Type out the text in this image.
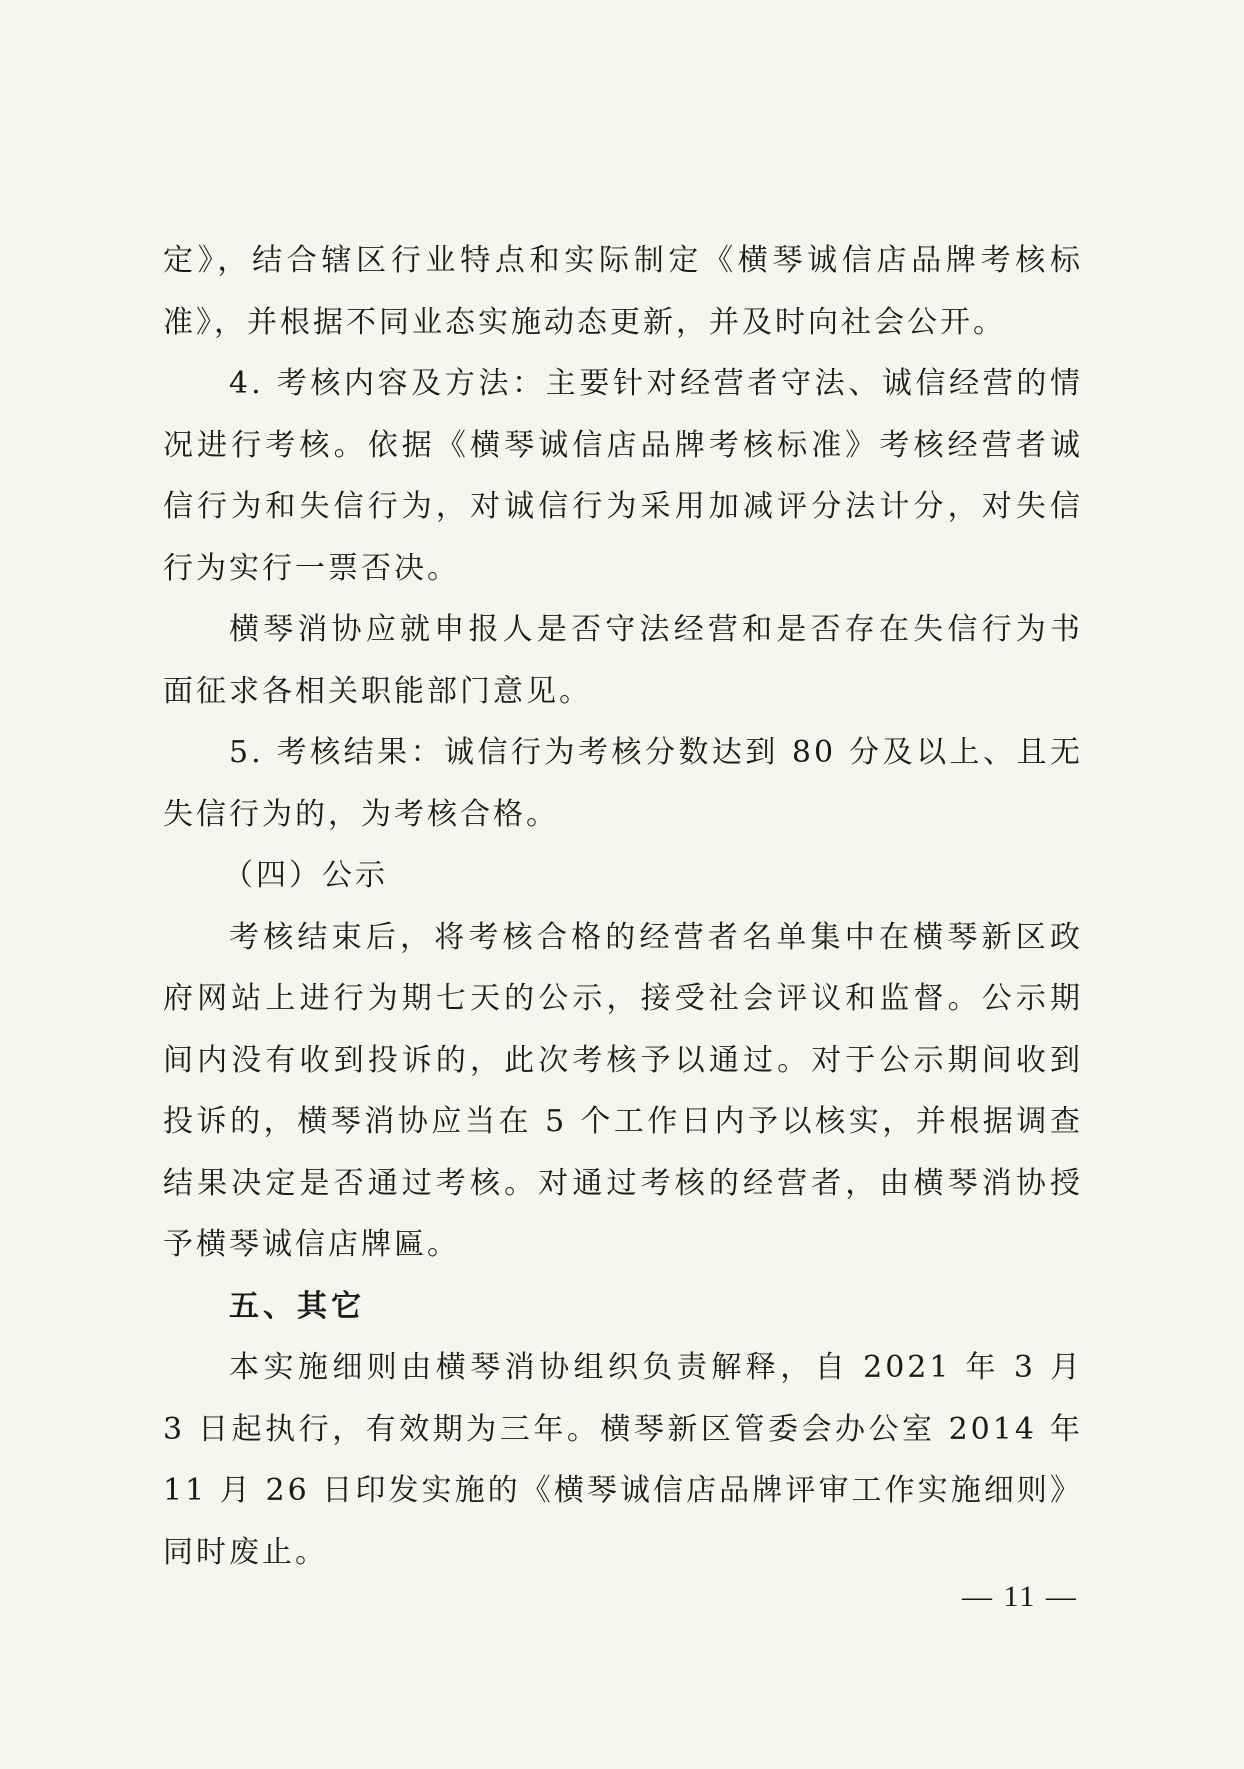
定》，结合辖区行业特点和实际制定《横琴诚信店品牌考核标准》，并根据不同业态实施动态更新，并及时向社会公开。

4. 考核内容及方法：主要针对经营者守法、诚信经营的情况进行考核。依据《横琴诚信店品牌考核标准》考核经营者诚信行为和失信行为，对诚信行为采用加减评分法计分，对失信行为实行一票否决。

横琴消协应就申报人是否守法经营和是否存在失信行为书面征求各相关职能部门意见。

5. 考核结果：诚信行为考核分数达到 80 分及以上、且无失信行为的，为考核合格。

（四）公示

考核结束后，将考核合格的经营者名单集中在横琴新区政府网站上进行为期七天的公示，接受社会评议和监督。公示期间内没有收到投诉的，此次考核予以通过。对于公示期间收到投诉的，横琴消协应当在 5 个工作日内予以核实，并根据调查结果决定是否通过考核。对通过考核的经营者，由横琴消协授予横琴诚信店牌匾。

五、其它

本实施细则由横琴消协组织负责解释，自 2021 年 3 月 3 日起执行，有效期为三年。横琴新区管委会办公室 2014 年 11 月 26 日印发实施的《横琴诚信店品牌评审工作实施细则》同时废止。

— 11 —
